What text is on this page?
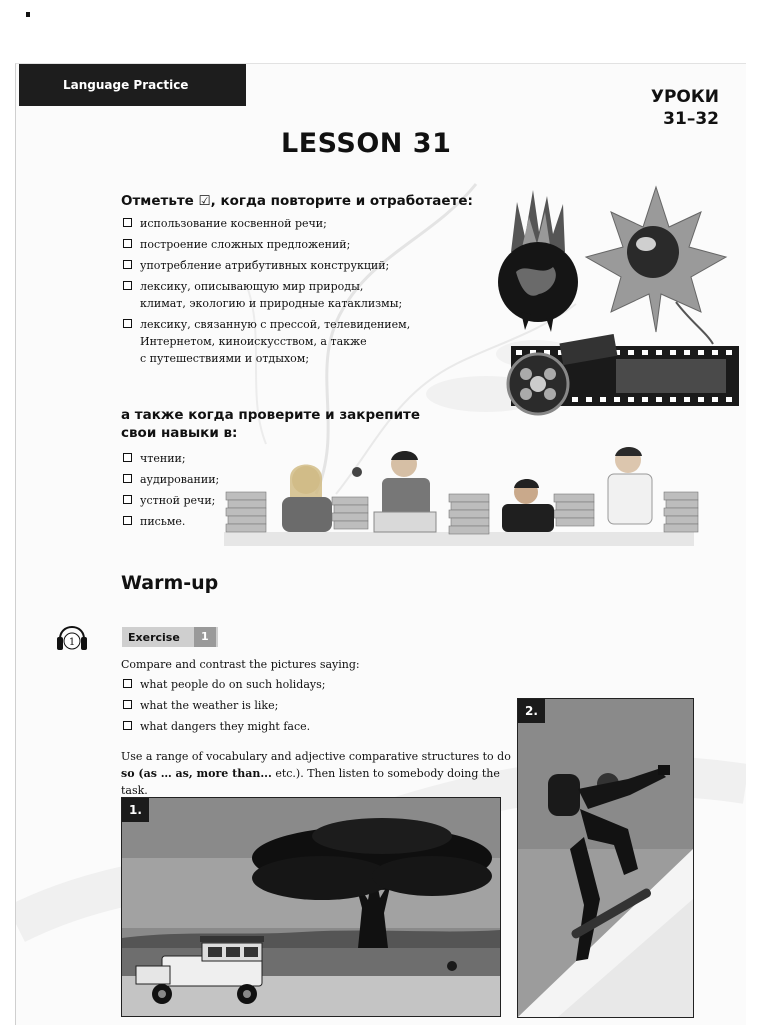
Language Practice
УРОКИ
31–32
LESSON 31
Отметьте ☑, когда повторите и отработаете:
использование косвенной речи;
построение сложных предложений;
употребление атрибутивных конструкций;
лексику, описывающую мир природы,
климат, экологию и природные катаклизмы;
лексику, связанную с прессой, телевидением,
Интернетом, киноискусством, а также
с путешествиями и отдыхом;
а также когда проверите и закрепите
свои навыки в:
чтении;
аудировании;
устной речи;
письме.
Warm-up
1	Exercise	1
Compare and contrast the pictures saying:
what people do on such holidays;
what the weather is like;
what dangers they might face.
Use a range of vocabulary and adjective comparative structures to do
so (as … as, more than... etc.). Then listen to somebody doing the task.
1.
2.
